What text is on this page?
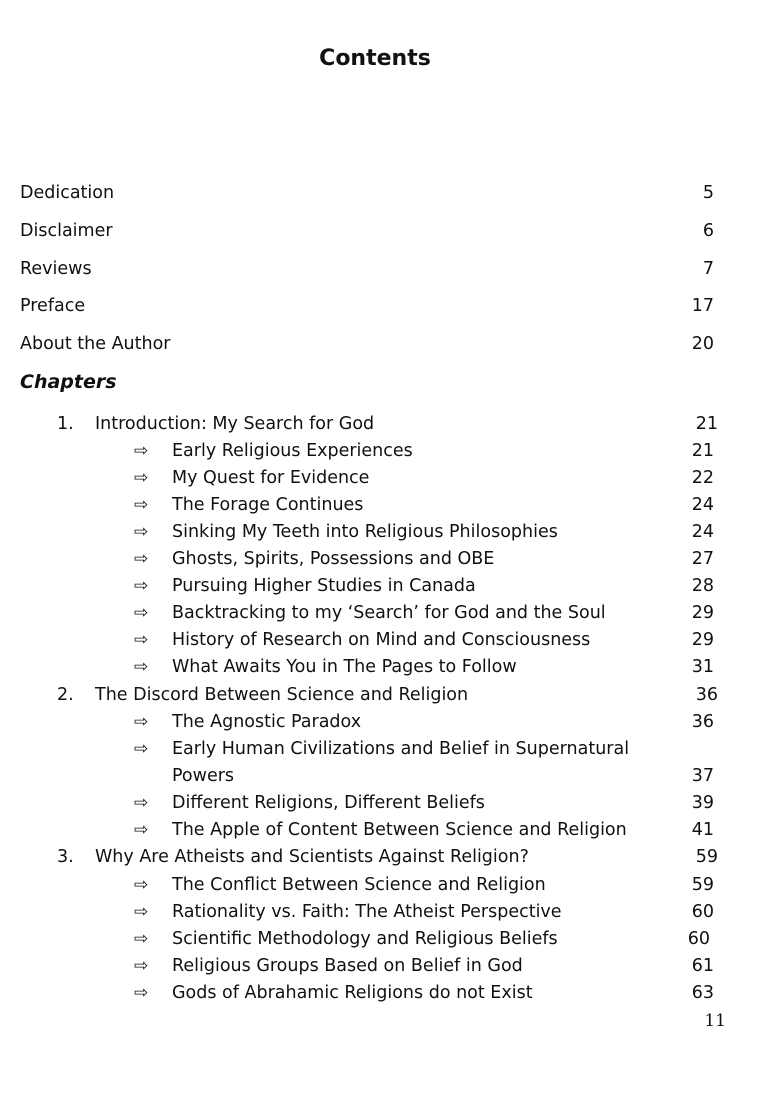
Contents
Dedication	5
Disclaimer	6
Reviews	7
Preface	17
About the Author	20
Chapters
1. Introduction: My Search for God	21
⇨ Early Religious Experiences	21
⇨ My Quest for Evidence	22
⇨ The Forage Continues	24
⇨ Sinking My Teeth into Religious Philosophies	24
⇨ Ghosts, Spirits, Possessions and OBE	27
⇨ Pursuing Higher Studies in Canada	28
⇨ Backtracking to my ‘Search’ for God and the Soul	29
⇨ History of Research on Mind and Consciousness	29
⇨ What Awaits You in The Pages to Follow	31
2. The Discord Between Science and Religion	36
⇨ The Agnostic Paradox	36
⇨ Early Human Civilizations and Belief in Supernatural
Powers	37
⇨ Different Religions, Different Beliefs	39
⇨ The Apple of Content Between Science and Religion	41
3. Why Are Atheists and Scientists Against Religion?	59
⇨ The Conflict Between Science and Religion	59
⇨ Rationality vs. Faith: The Atheist Perspective	60
⇨ Scientific Methodology and Religious Beliefs	60
⇨ Religious Groups Based on Belief in God	61
⇨ Gods of Abrahamic Religions do not Exist	63
11
